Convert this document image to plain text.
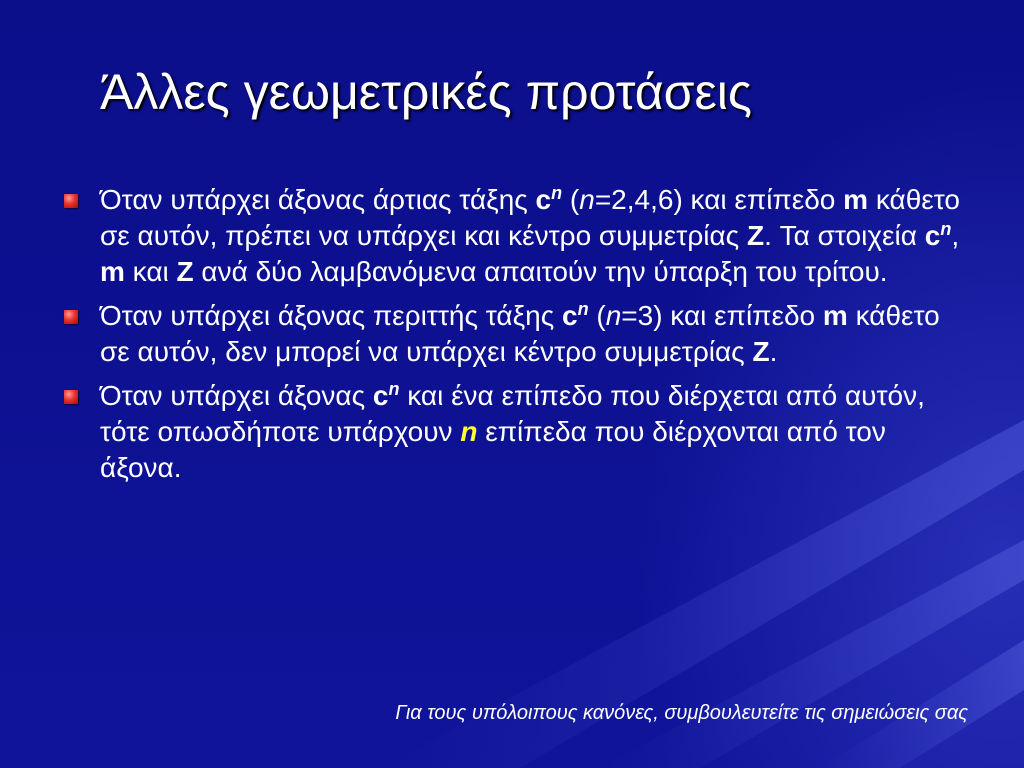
Άλλες γεωμετρικές προτάσεις
Όταν υπάρχει άξονας άρτιας τάξης $c^n$ (n=2,4,6) και επίπεδο m κάθετο σε αυτόν, πρέπει να υπάρχει και κέντρο συμμετρίας Z. Τα στοιχεία $c^n$, m και Z ανά δύο λαμβανόμενα απαιτούν την ύπαρξη του τρίτου.
Όταν υπάρχει άξονας περιττής τάξης $c^n$ (n=3) και επίπεδο m κάθετο σε αυτόν, δεν μπορεί να υπάρχει κέντρο συμμετρίας Z.
Όταν υπάρχει άξονας $c^n$ και ένα επίπεδο που διέρχεται από αυτόν, τότε οπωσδήποτε υπάρχουν n επίπεδα που διέρχονται από τον άξονα.
Για τους υπόλοιπους κανόνες, συμβουλευτείτε τις σημειώσεις σας
